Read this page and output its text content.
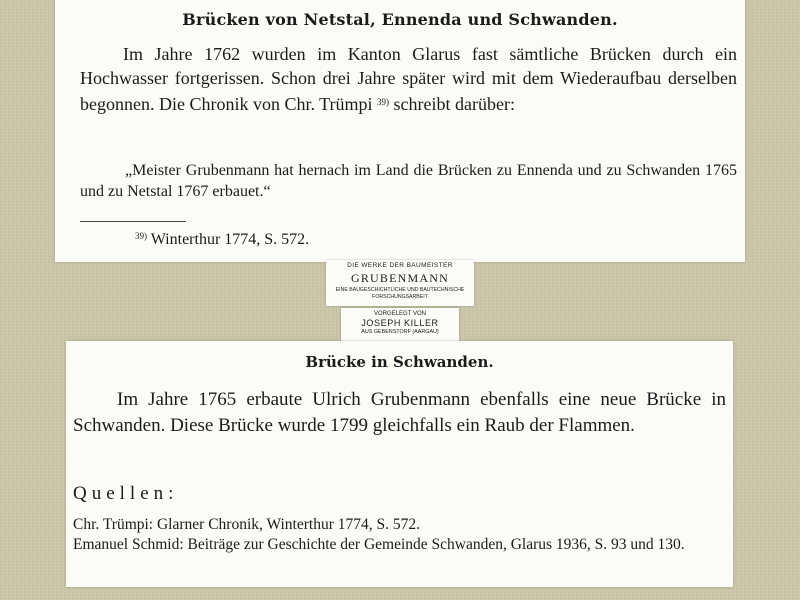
Brücken von Netstal, Ennenda und Schwanden.
Im Jahre 1762 wurden im Kanton Glarus fast sämtliche Brücken durch ein Hochwasser fortgerissen. Schon drei Jahre später wird mit dem Wiederaufbau derselben begonnen. Die Chronik von Chr. Trümpi $^{39)}$ schreibt darüber:
„Meister Grubenmann hat hernach im Land die Brücken zu Ennenda und zu Schwanden 1765 und zu Netstal 1767 erbauet.“
$^{39)}$ Winterthur 1774, S. 572.
DIE WERKE DER BAUMEISTER
GRUBENMANN
EINE BAUGESCHICHTLICHE UND BAUTECHNISCHE
FORSCHUNGSARBEIT
VORGELEGT VON
JOSEPH KILLER
AUS GEBENSTORF (AARGAU)
Brücke in Schwanden.
Im Jahre 1765 erbaute Ulrich Grubenmann ebenfalls eine neue Brücke in Schwanden. Diese Brücke wurde 1799 gleichfalls ein Raub der Flammen.
Quellen:
Chr. Trümpi: Glarner Chronik, Winterthur 1774, S. 572.
Emanuel Schmid: Beiträge zur Geschichte der Gemeinde Schwanden, Glarus 1936, S. 93 und 130.
